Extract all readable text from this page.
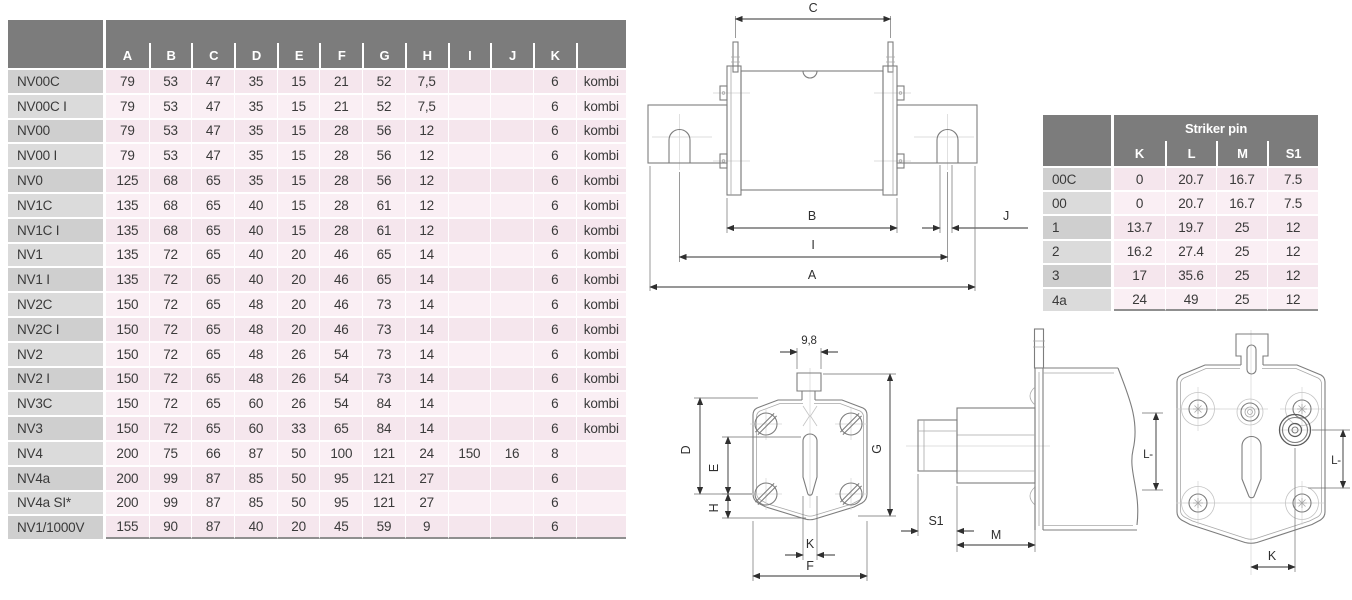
C
B	J
I
A
9,8
D
E
H
G
K
F
S1
M
L-	L-
K

	A	B	C	D	E	F	G	H	I	J	K	
NV00C	79	53	47	35	15	21	52	7,5			6	kombi
NV00C I	79	53	47	35	15	21	52	7,5			6	kombi
NV00	79	53	47	35	15	28	56	12			6	kombi
NV00 I	79	53	47	35	15	28	56	12			6	kombi
NV0	125	68	65	35	15	28	56	12			6	kombi
NV1C	135	68	65	40	15	28	61	12			6	kombi
NV1C I	135	68	65	40	15	28	61	12			6	kombi
NV1	135	72	65	40	20	46	65	14			6	kombi
NV1 I	135	72	65	40	20	46	65	14			6	kombi
NV2C	150	72	65	48	20	46	73	14			6	kombi
NV2C I	150	72	65	48	20	46	73	14			6	kombi
NV2	150	72	65	48	26	54	73	14			6	kombi
NV2 I	150	72	65	48	26	54	73	14			6	kombi
NV3C	150	72	65	60	26	54	84	14			6	kombi
NV3	150	72	65	60	33	65	84	14			6	kombi
NV4	200	75	66	87	50	100	121	24	150	16	8	
NV4a	200	99	87	85	50	95	121	27			6	
NV4a SI*	200	99	87	85	50	95	121	27			6	
NV1/1000V	155	90	87	40	20	45	59	9			6	
	Striker pin			
	K	L	M	S1
00C	0	20.7	16.7	7.5
00	0	20.7	16.7	7.5
1	13.7	19.7	25	12
2	16.2	27.4	25	12
3	17	35.6	25	12
4a	24	49	25	12
